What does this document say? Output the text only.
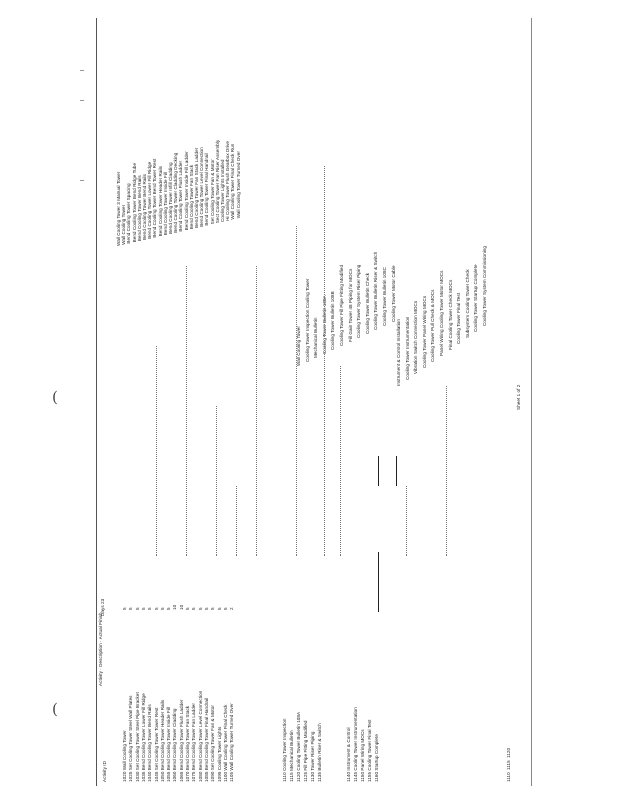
(
(
Activity ID
Activity · Description · Actual Finish
Days 23
1020 Wall Cooling Tower 1025 Set Cooling Tower Steel Wall Plates 1030 Set Cooling Tower Steel Pipe Bracket 1035 Bend Cooling Tower Lower Fill Ridge 1040 Bend Cooling Tower Bend Rails 1045 Set Cooling Tower Tower Rest 1050 Bend Cooling Tower Header Rails 1055 Bend Cooling Tower Inside Fill 1060 Bend Cooling Tower Cladding 1065 Bend Cooling Tower Flush Ladder 1070 Bend Cooling Tower Fan Stack 1075 Bend Cooling Tower Fan Ladder 1080 Bend Cooling Tower Level Connection 1085 Bend Cooling Tower Final Handrail 1090 Set Cooling Tower Fan & Motor 1095 Cooling Tower Lights 1100 Wall Cooling Tower Final Check 1105 Wall Cooling Tower Turned Over	1110 Cooling Tower Inspection 1115 Mechanical Bulletin 1120 Cooling Tower Bulletin 108A 1125 Fill Pipe Fitting Modified 1130 Tower Riser Piping 1135 Bulletin Riser & Switch	1140 Instrument & Control 1145 Cooling Tower Instrumentation 1150 Panel Wiring MOCs 1155 Cooling Tower Final Test 1160 Startup Complete
5 5 5 5 5 5 5 5 10 10 5 5 5 5 5 5 5 2
Wall Cooling Tower 3 Manual Tower Wall Cooling Tower Bend Cooling Tower Spacing Bend Cooling Tower Bend Ridge Tube Bend Cooling Tower Bend Rails Bend Cooling Tower Bend Rails Bend Cooling Tower Lower Fill Ridge Bend Cooling Tower Bend Tower Rest Bend Cooling Tower Header Rails Bend Cooling Tower Inside Fill Bend Cooling Tower Infill Cladding Bend Cooling Tower Cladding Decking Bend Cooling Tower Flush Ladder Bend Cooling Tower Inside Fill Ladder Bend Cooling Tower Fan Stack Bend Cooling Tower Fan Stack Ladder Bend Cooling Tower Level Connection Bend Cooling Tower Final Handrail Set Cooling Tower Fan & Motor Sect Cooling Tower Fan Riser Assembly Cooling Tower Lights Installed Hi Cooling Tower Flush Gearbox Drive Wall Cooling Tower Final Check Run Wall Cooling Tower Turned Over
Wall Cooling Tower Cooling Tower Inspection Cooling Tower Mechanical Bulletin Cooling Tower Bulletin 108A Cooling Tower Bulletin 108B Cooling Tower Fill Pipe Fitting Modified Fill Gain Tower 48 Piping for MOCs Cooling Tower System Riser Piping Cooling Tower Bulletin Check Cooling Tower Bulletin Riser & Switch Cooling Tower Bulletin 108C Cooling Tower Motor Cable
Instrument & Control Installation Cooling Tower Instrumentation Vibration Switch Connection MOCs Cooling Tower Panel Wiring MOCs Cooling Tower Pull Check & MOCs Panel Wiring Cooling Tower Motor MOCs Final Cooling Tower Check MOCs Cooling Tower Final Test Subsystem Cooling Tower Check Cooling Tower Startup Complete Cooling Tower System Commissioning
Sheet 1 of 2
1110
1115
1120
